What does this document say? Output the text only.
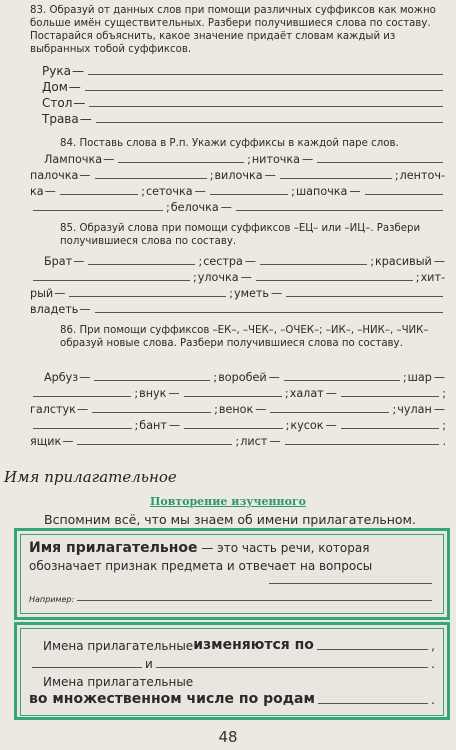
83. Образуй от данных слов при помощи различных суффиксов как можно больше имён существительных. Разбери получившиеся слова по составу. Постарайся объяснить, какое значение придаёт словам каждый из выбранных тобой суффиксов.
Рука —
Дом —
Стол —
Трава —
84. Поставь слова в Р.п. Укажи суффиксы в каждой паре слов.
Лампочка —	; ниточка —
палочка —	; вилочка —	; ленточ-
ка —	; сеточка —	; шапочка —
; белочка —
85. Образуй слова при помощи суффиксов –ЕЦ– или –ИЦ–. Разбери получившиеся слова по составу.
Брат —	; сестра —	; красивый —
; улочка —	; хит-
рый —	; уметь —
владеть —
86. При помощи суффиксов –ЕК–, –ЧЕК–, –ОЧЕК–; –ИК–, –НИК–, –ЧИК– образуй новые слова. Разбери получившиеся слова по составу.
Арбуз —	; воробей —	; шар —
; внук —	; халат —	;
галстук —	; венок —	; чулан —
; бант —	; кусок —	;
ящик —	; лист —	.
Имя прилагательное
Повторение изученного
Вспомним всё, что мы знаем об имени прилагательном.

Имя прилагательное — это часть речи, которая обозначает признак предмета и отвечает на вопросы

Например:
Имена прилагательные изменяются по	,
и	.
Имена прилагательные
во множественном числе по родам	.
48
